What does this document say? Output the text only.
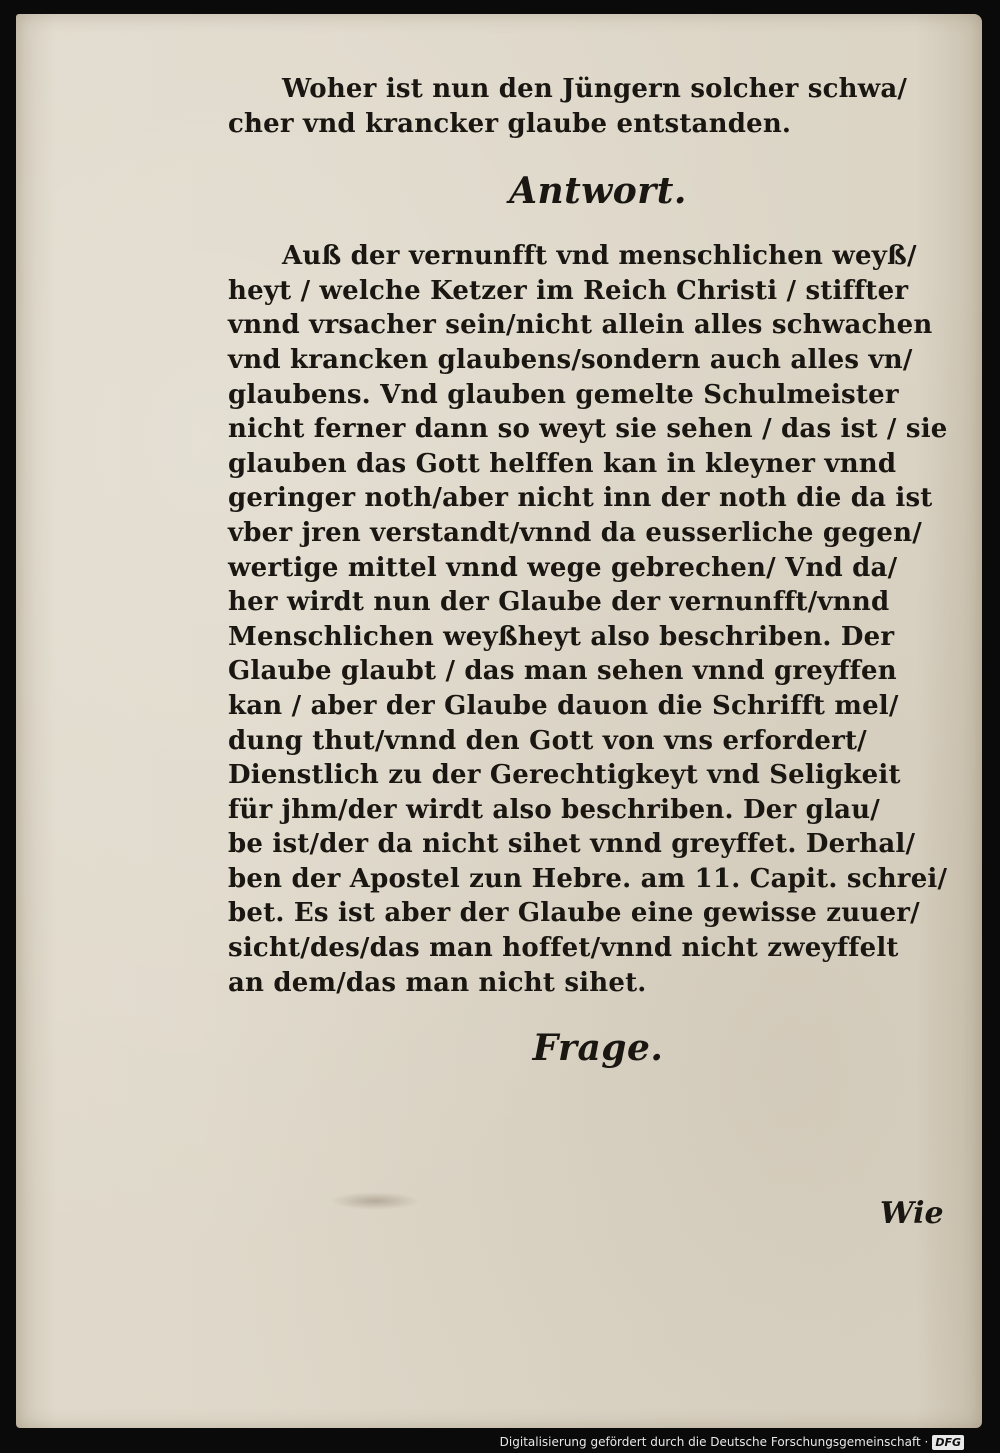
Woher ist nun den Jüngern solcher schwa/
cher vnd krancker glaube entstanden.
Antwort.
Auß der vernunfft vnd menschlichen weyß/
heyt / welche Ketzer im Reich Christi / stiffter
vnnd vrsacher sein/nicht allein alles schwachen
vnd krancken glaubens/sondern auch alles vn/
glaubens. Vnd glauben gemelte Schulmeister
nicht ferner dann so weyt sie sehen / das ist / sie
glauben das Gott helffen kan in kleyner vnnd
geringer noth/aber nicht inn der noth die da ist
vber jren verstandt/vnnd da eusserliche gegen/
wertige mittel vnnd wege gebrechen/ Vnd da/
her wirdt nun der Glaube der vernunfft/vnnd
Menschlichen weyßheyt also beschriben. Der
Glaube glaubt / das man sehen vnnd greyffen
kan / aber der Glaube dauon die Schrifft mel/
dung thut/vnnd den Gott von vns erfordert/
Dienstlich zu der Gerechtigkeyt vnd Seligkeit
für jhm/der wirdt also beschriben. Der glau/
be ist/der da nicht sihet vnnd greyffet. Derhal/
ben der Apostel zun Hebre. am 11. Capit. schrei/
bet. Es ist aber der Glaube eine gewisse zuuer/
sicht/des/das man hoffet/vnnd nicht zweyffelt
an dem/das man nicht sihet.
Frage.
Wie
Digitalisierung gefördert durch die Deutsche Forschungsgemeinschaft · DFG
